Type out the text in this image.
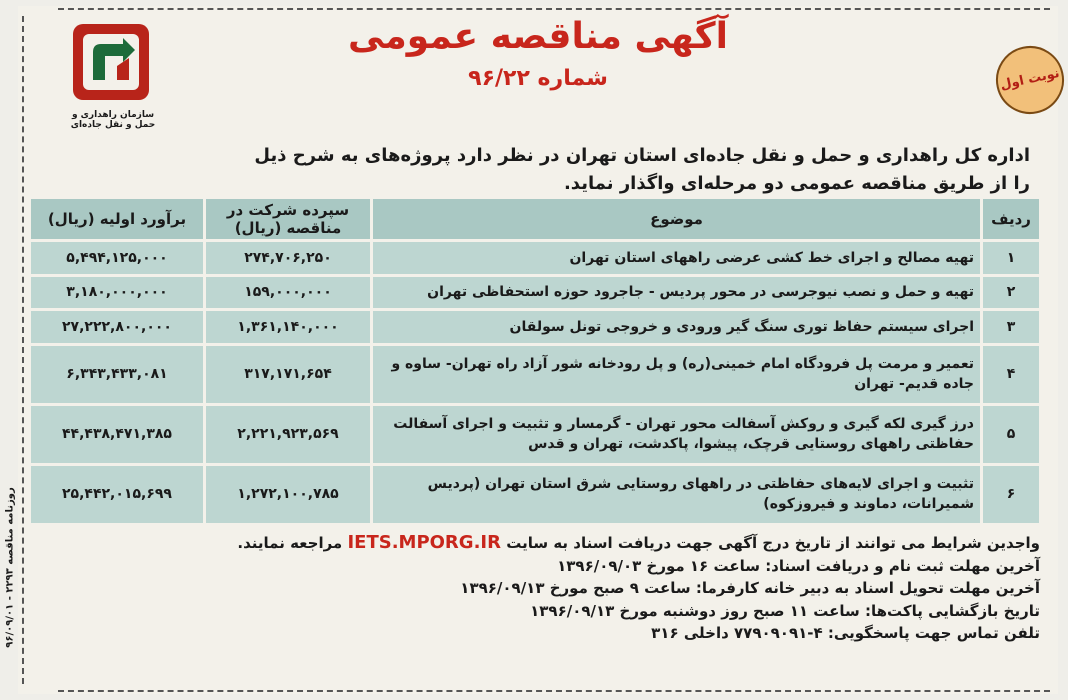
سازمان راهداری و حمل و نقل جاده‌ای
آگهی مناقصه عمومی
شماره ۹۶/۲۲	نوبت اول
اداره کل راهداری و حمل و نقل جاده‌ای استان تهران در نظر دارد پروژه‌های به شرح ذیل را از طریق مناقصه عمومی دو مرحله‌ای واگذار نماید.
ردیف	موضوع	سپرده شرکت در مناقصه (ریال)	برآورد اولیه (ریال)
۱	تهیه مصالح و اجرای خط کشی عرضی راههای استان تهران	۲۷۴,۷۰۶,۲۵۰	۵,۴۹۴,۱۲۵,۰۰۰
۲	تهیه و حمل و نصب نیوجرسی در محور پردیس - جاجرود حوزه استحفاظی تهران	۱۵۹,۰۰۰,۰۰۰	۳,۱۸۰,۰۰۰,۰۰۰
۳	اجرای سیستم حفاظ توری سنگ گیر ورودی و خروجی تونل سولقان	۱,۳۶۱,۱۴۰,۰۰۰	۲۷,۲۲۲,۸۰۰,۰۰۰
۴	تعمیر و مرمت پل فرودگاه امام خمینی(ره) و پل رودخانه شور آزاد راه تهران- ساوه و جاده قدیم- تهران	۳۱۷,۱۷۱,۶۵۴	۶,۳۴۳,۴۳۳,۰۸۱
۵	درز گیری لکه گیری و روکش آسفالت محور تهران - گرمسار و تثبیت و اجرای آسفالت حفاظتی راههای روستایی قرچک، پیشوا، پاکدشت، تهران و قدس	۲,۲۲۱,۹۲۳,۵۶۹	۴۴,۴۳۸,۴۷۱,۳۸۵
۶	تثبیت و اجرای لایه‌های حفاظتی در راههای روستایی شرق استان تهران (پردیس شمیرانات، دماوند و فیروزکوه)	۱,۲۷۲,۱۰۰,۷۸۵	۲۵,۴۴۲,۰۱۵,۶۹۹
واجدین شرایط می توانند از تاریخ درج آگهی جهت دریافت اسناد به سایت IETS.MPORG.IR مراجعه نمایند.
آخرین مهلت ثبت نام و دریافت اسناد: ساعت ۱۶ مورخ ۱۳۹۶/۰۹/۰۳
آخرین مهلت تحویل اسناد به دبیر خانه کارفرما: ساعت ۹ صبح مورخ ۱۳۹۶/۰۹/۱۳
تاریخ بازگشایی پاکت‌ها: ساعت ۱۱ صبح روز دوشنبه مورخ ۱۳۹۶/۰۹/۱۳
تلفن تماس جهت پاسخگویی: ۴-۷۷۹۰۹۰۹۱ داخلی ۳۱۶
روزنامه مناقصه ۲۲۹۳ - ۹۶/۰۹/۰۱
